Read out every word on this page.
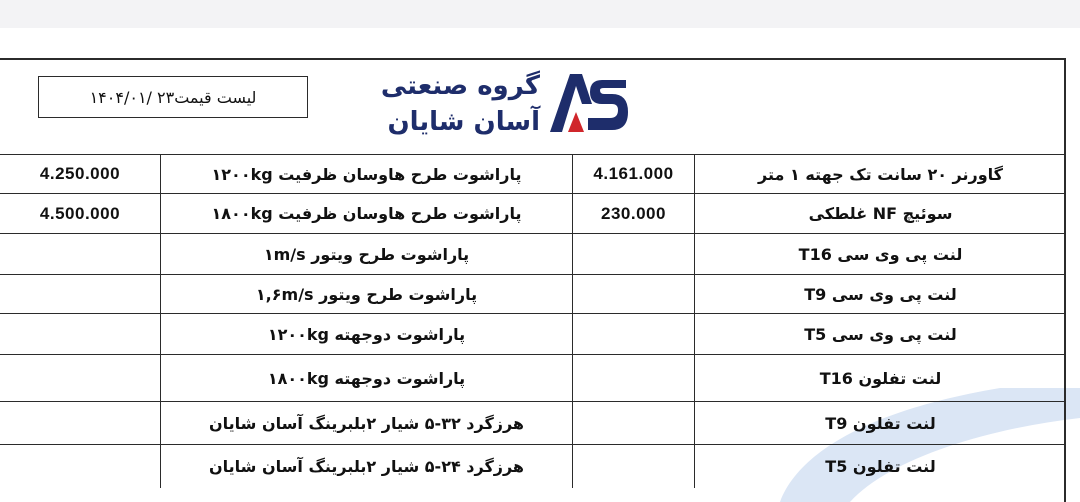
لیست قیمت۲۳ /۱۴۰۴/۰۱	گروه صنعتی
آسان شایان
4.250.000	پاراشوت طرح هاوسان ظرفیت ۱۲۰۰kg	4.161.000	گاورنر ۲۰ سانت تک جهته ۱ متر
4.500.000	پاراشوت طرح هاوسان ظرفیت ۱۸۰۰kg	230.000	سوئیچ NF غلطکی
پاراشوت طرح ویتور ۱m/s	لنت پی وی سی T16
پاراشوت طرح ویتور ۱,۶m/s	لنت پی وی سی T9
پاراشوت دوجهته ۱۲۰۰kg	لنت پی وی سی T5
پاراشوت دوجهته ۱۸۰۰kg	لنت تفلون T16
هرزگرد ۳۲-۵ شیار ۲بلبرینگ آسان شایان	لنت تفلون T9
هرزگرد ۲۴-۵ شیار ۲بلبرینگ آسان شایان	لنت تفلون T5
